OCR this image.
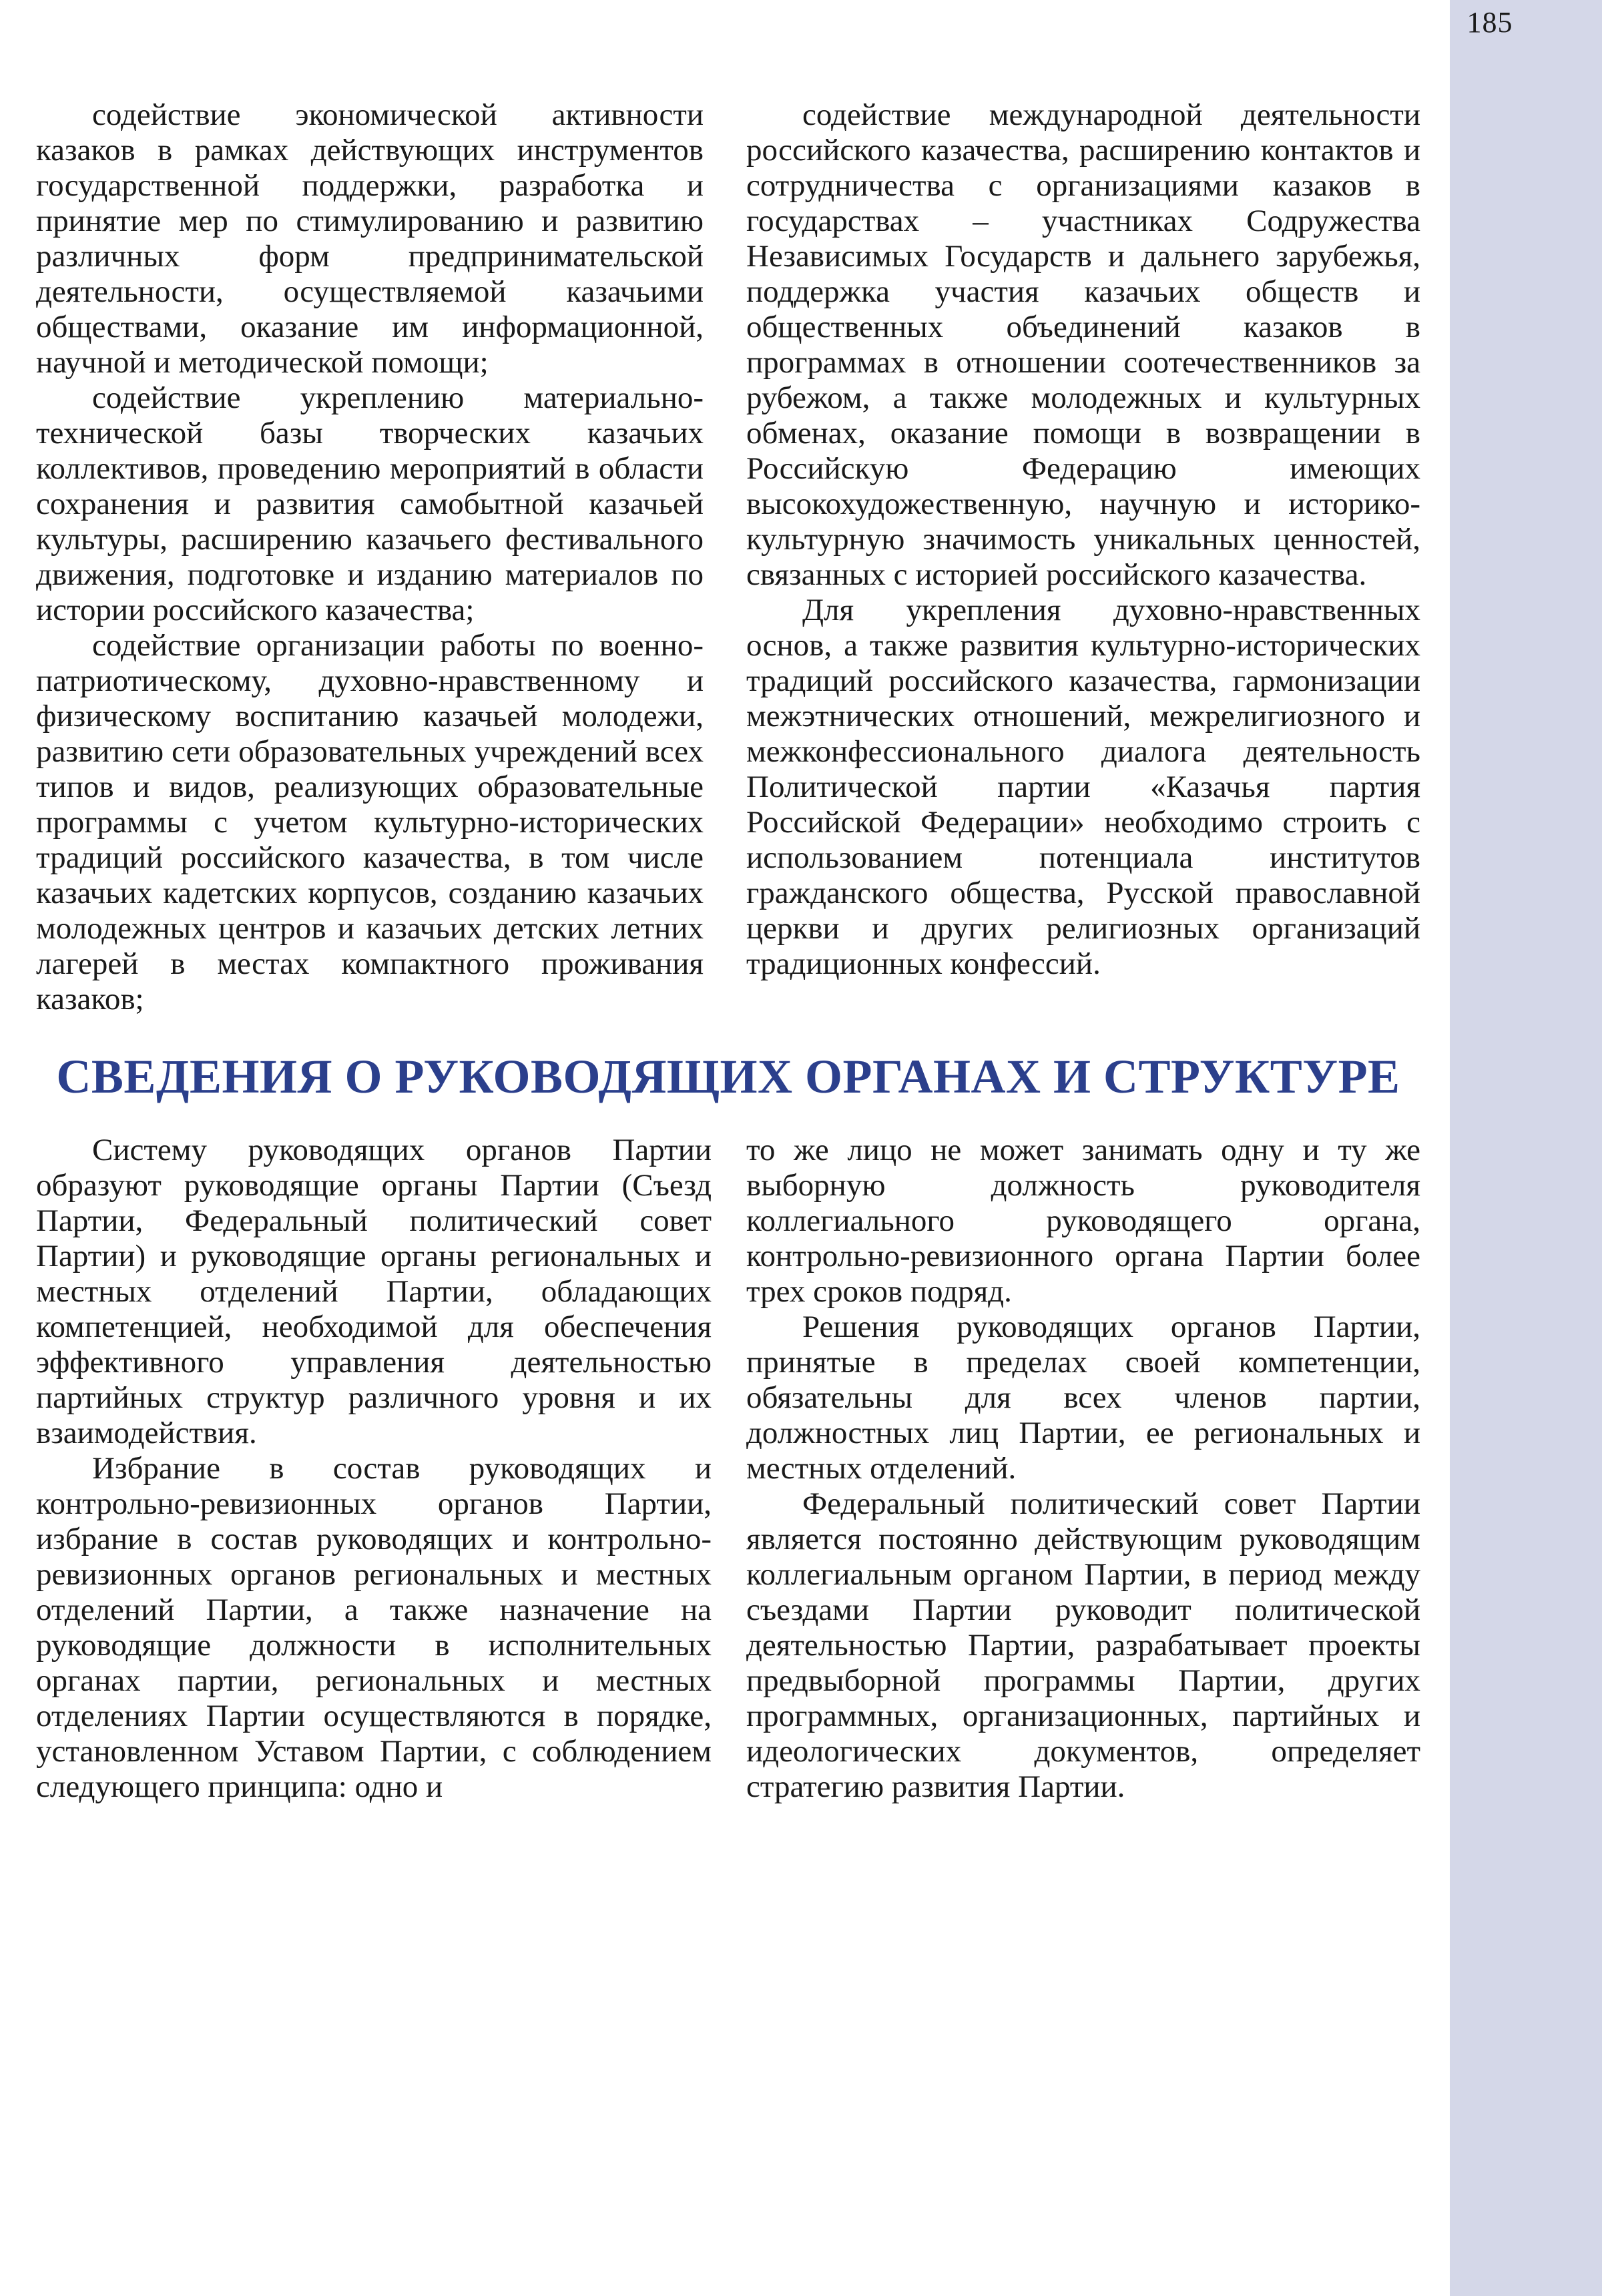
185

содействие экономической активности казаков в рамках действующих инструментов государственной поддержки, разработка и принятие мер по стимулированию и развитию различных форм предпринимательской деятельности, осуществляемой казачьими обществами, оказание им информационной, научной и методической помощи;

содействие укреплению материально-технической базы творческих казачьих коллективов, проведению мероприятий в области сохранения и развития самобытной казачьей культуры, расширению казачьего фестивального движения, подготовке и изданию материалов по истории российского казачества;

содействие организации работы по военно-патриотическому, духовно-нравственному и физическому воспитанию казачьей молодежи, развитию сети образовательных учреждений всех типов и видов, реализующих образовательные программы с учетом культурно-исторических традиций российского казачества, в том числе казачьих кадетских корпусов, созданию казачьих молодежных центров и казачьих детских летних лагерей в местах компактного проживания казаков;

содействие международной деятельности российского казачества, расширению контактов и сотрудничества с организациями казаков в государствах – участниках Содружества Независимых Государств и дальнего зарубежья, поддержка участия казачьих обществ и общественных объединений казаков в программах в отношении соотечественников за рубежом, а также молодежных и культурных обменах, оказание помощи в возвращении в Российскую Федерацию имеющих высокохудожественную, научную и историко-культурную значимость уникальных ценностей, связанных с историей российского казачества.

Для укрепления духовно-нравственных основ, а также развития культурно-исторических традиций российского казачества, гармонизации межэтнических отношений, межрелигиозного и межконфессионального диалога деятельность Политической партии «Казачья партия Российской Федерации» необходимо строить с использованием потенциала институтов гражданского общества, Русской православной церкви и других религиозных организаций традиционных конфессий.

СВЕДЕНИЯ О РУКОВОДЯЩИХ ОРГАНАХ И СТРУКТУРЕ

Систему руководящих органов Партии образуют руководящие органы Партии (Съезд Партии, Федеральный политический совет Партии) и руководящие органы региональных и местных отделений Партии, обладающих компетенцией, необходимой для обеспечения эффективного управления деятельностью партийных структур различного уровня и их взаимодействия.

Избрание в состав руководящих и контрольно-ревизионных органов Партии, избрание в состав руководящих и контрольно-ревизионных органов региональных и местных отделений Партии, а также назначение на руководящие должности в исполнительных органах партии, региональных и местных отделениях Партии осуществляются в порядке, установленном Уставом Партии, с соблюдением следующего принципа: одно и

то же лицо не может занимать одну и ту же выборную должность руководителя коллегиального руководящего органа, контрольно-ревизионного органа Партии более трех сроков подряд.

Решения руководящих органов Партии, принятые в пределах своей компетенции, обязательны для всех членов партии, должностных лиц Партии, ее региональных и местных отделений.

Федеральный политический совет Партии является постоянно действующим руководящим коллегиальным органом Партии, в период между съездами Партии руководит политической деятельностью Партии, разрабатывает проекты предвыборной программы Партии, других программных, организационных, партийных и идеологических документов, определяет стратегию развития Партии.
